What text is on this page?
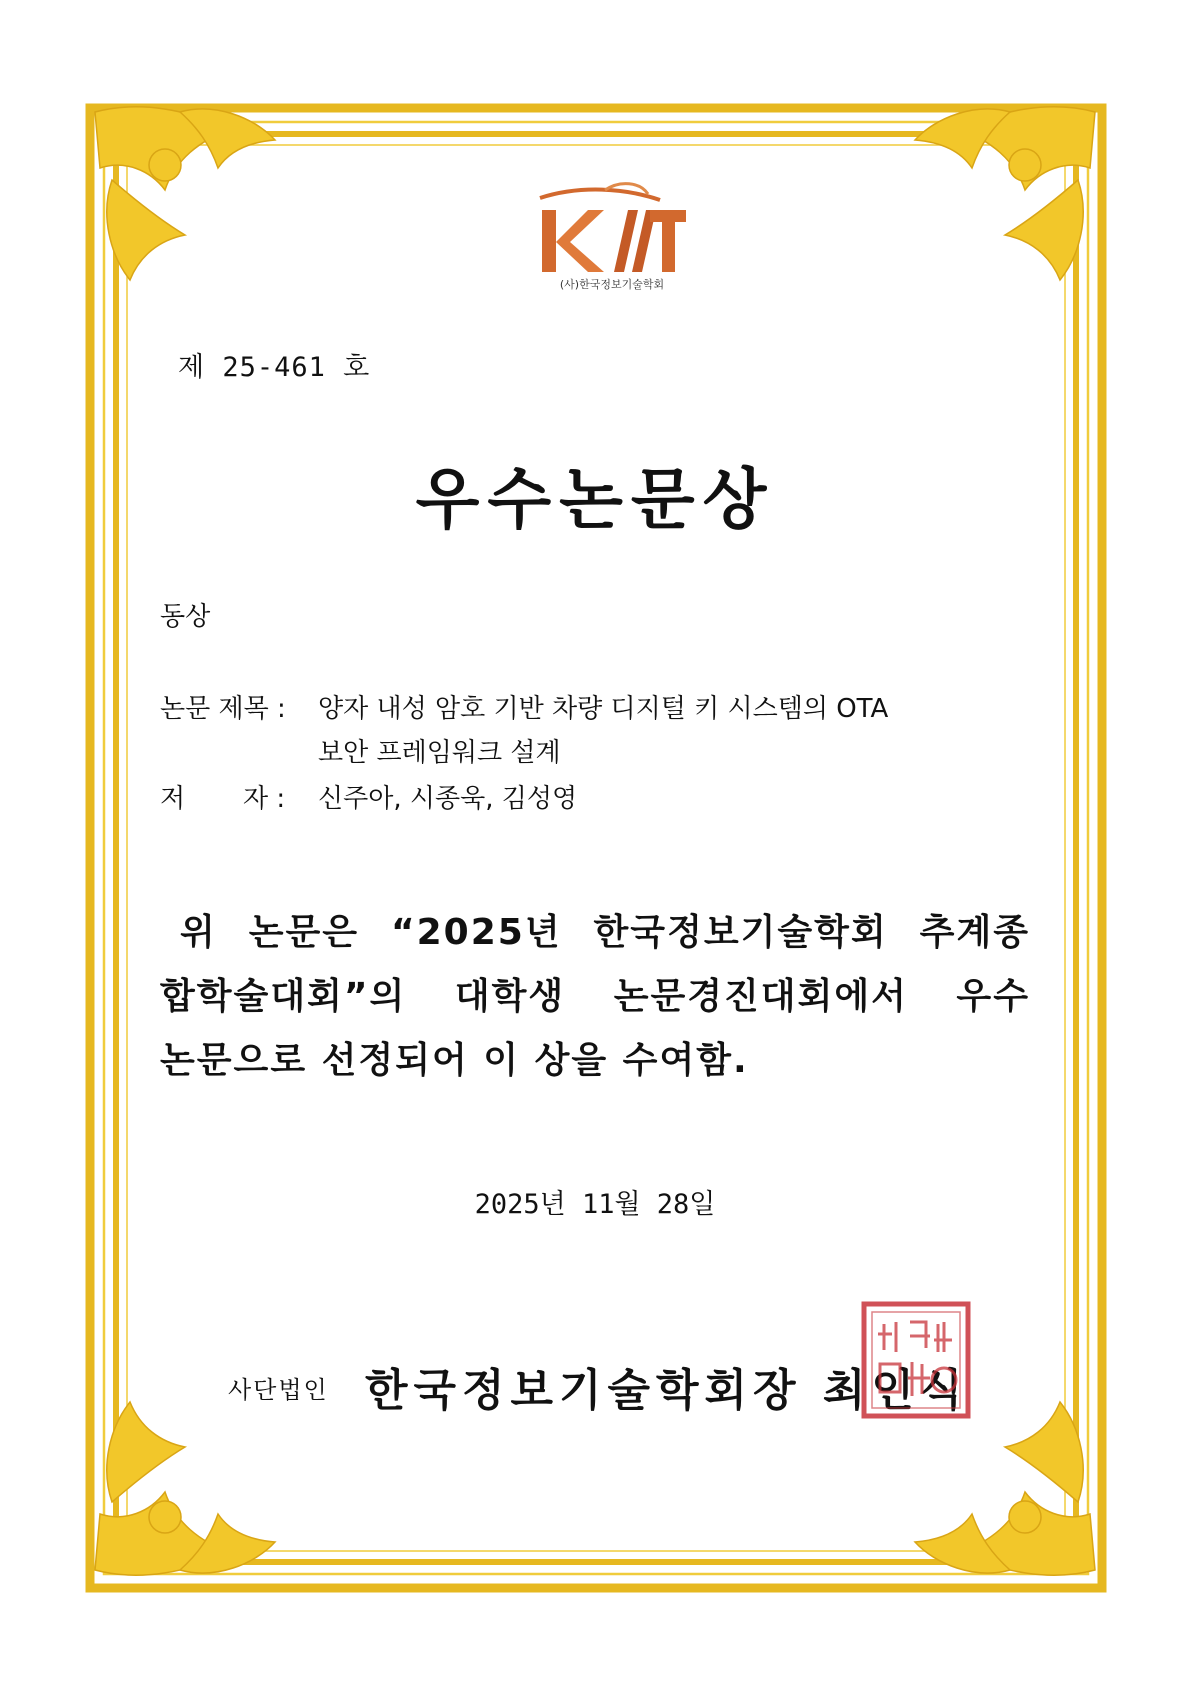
(사)한국정보기술학회
제 25-461 호
우수논문상
동상
논문 제목 : 양자 내성 암호 기반 차량 디지털 키 시스템의 OTA
보안 프레임워크 설계
저       자 : 신주아, 시종욱, 김성영
위 논문은 “2025년 한국정보기술학회 추계종
합학술대회”의 대학생 논문경진대회에서 우수
논문으로 선정되어 이 상을 수여함.
2025년 11월 28일
사단법인 한국정보기술학회장 최인식
